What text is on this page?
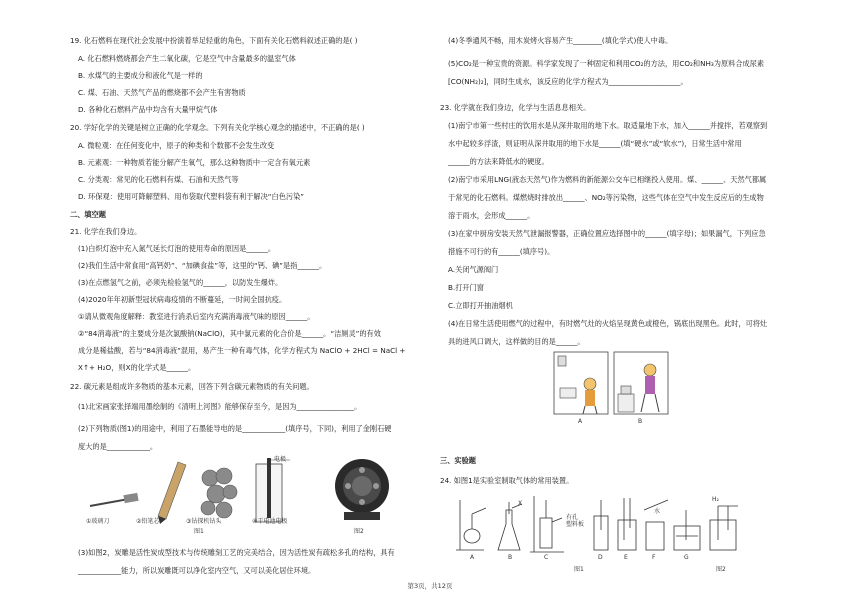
19. 化石燃料在现代社会发展中扮演着举足轻重的角色，下面有关化石燃料叙述正确的是( )
A. 化石燃料燃烧都会产生二氧化碳，它是空气中含量最多的温室气体
B. 水煤气的主要成分和液化气是一样的
C. 煤、石油、天然气产品的燃烧都不会产生有害物质
D. 各种化石燃料产品中均含有大量甲烷气体
20. 学好化学的关键是树立正确的化学观念。下列有关化学核心观念的描述中，不正确的是( )
A. 微粒观：在任何变化中，原子的种类和个数都不会发生改变
B. 元素观：一种物质若能分解产生氧气，那么这种物质中一定含有氧元素
C. 分类观：常见的化石燃料有煤、石油和天然气等
D. 环保观：使用可降解塑料、用布袋取代塑料袋有利于解决“白色污染”
二、填空题
21. 化学在我们身边。
(1)白炽灯泡中充入氮气延长灯泡的使用寿命的原因是______。
(2)我们生活中常食用“高钙奶”、“加碘食盐”等，这里的“钙、碘”是指______。
(3)在点燃氢气之前，必须先检验氢气的______，以防发生爆炸。
(4)2020年年初新型冠状病毒疫情的不断蔓延，一时间全国抗疫。
①请从微观角度解释：教室进行消杀后室内充满消毒液气味的原因______。
②“84消毒液”的主要成分是次氯酸钠(NaClO)，其中氯元素的化合价是______。“洁厕灵”的有效
成分是稀盐酸，若与“84消毒液”混用，易产生一种有毒气体，化学方程式为 NaClO + 2HCl = NaCl +
X↑+ H₂O，则X的化学式是______。
22. 碳元素是组成许多物质的基本元素，回答下列含碳元素物质的有关问题。
(1)北宋画家张择端用墨绘制的《清明上河图》能够保存至今，是因为________________。
(2)下列物质(图1)的用途中，利用了石墨能导电的是____________(填序号，下同)，利用了金刚石硬
度大的是____________。
电极
①玻璃刀	②铅笔芯	③钻探机钻头	④干电池电极
图1	图2
(3)如图2，炭雕是活性炭成型技术与传统雕刻工艺的完美结合，因为活性炭有疏松多孔的结构，具有
____________能力，所以炭雕既可以净化室内空气，又可以美化居住环境。
(4)冬季通风不畅，用木炭烤火容易产生________(填化学式)使人中毒。
(5)CO₂是一种宝贵的资源。科学家发现了一种固定和利用CO₂的方法，用CO₂和NH₃为原料合成尿素
[CO(NH₂)₂]，同时生成水，该反应的化学方程式为____________________。
23. 化学就在我们身边，化学与生活息息相关。
(1)南宁市第一些村庄的饮用水是从深井取用的地下水。取适量地下水，加入______并搅拌，若观察到
水中起较多浮渣，则证明从深井取用的地下水是______(填“硬水”或“软水”)，日常生活中常用
______的方法来降低水的硬度。
(2)南宁市采用LNG(液态天然气)作为燃料的新能源公交车已相继投入使用。煤、______、天然气都属
于常见的化石燃料。煤燃烧时排放出______、NO₂等污染物，这些气体在空气中发生反应后的生成物
溶于雨水，会形成______。
(3)在家中厨房安装天然气泄漏报警器，正确位置应选择图中的______(填字母)；如果漏气，下列应急
措施不可行的有______(填序号)。
A.关闭气源阀门
B.打开门窗
C.立即打开抽油烟机
(4)在日常生活使用燃气的过程中，有时燃气灶的火焰呈现黄色或橙色，锅底出现黑色。此时，可将灶
具的进风口调大，这样做的目的是______。
A	B
三、实验题
24. 如图1是实验室制取气体的常用装置。
X
有孔
塑料板
水
H₂
A	B	C	D	E	F	G
图1	图2
第3页，共12页
